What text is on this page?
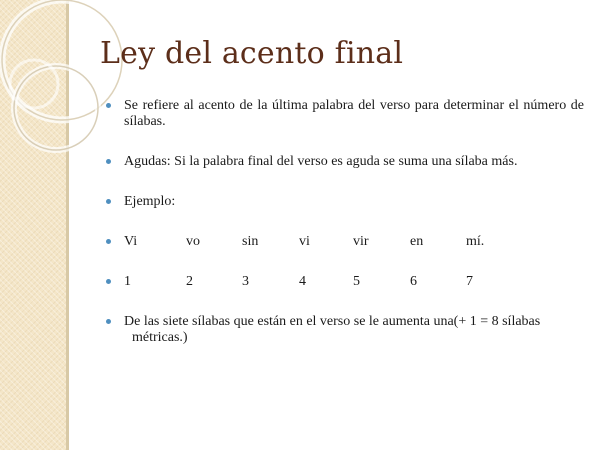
Ley del acento final
Se refiere al acento de la última palabra del verso para determinar el número de sílabas.
Agudas: Si la palabra final del verso es aguda se suma una sílaba más.
Ejemplo:
Vi	vo	sin	vi	vir	en	mí.
1	2	3	4	5	6	7
De las siete sílabas que están en el verso se le aumenta una(+ 1 = 8 sílabas
métricas.)
